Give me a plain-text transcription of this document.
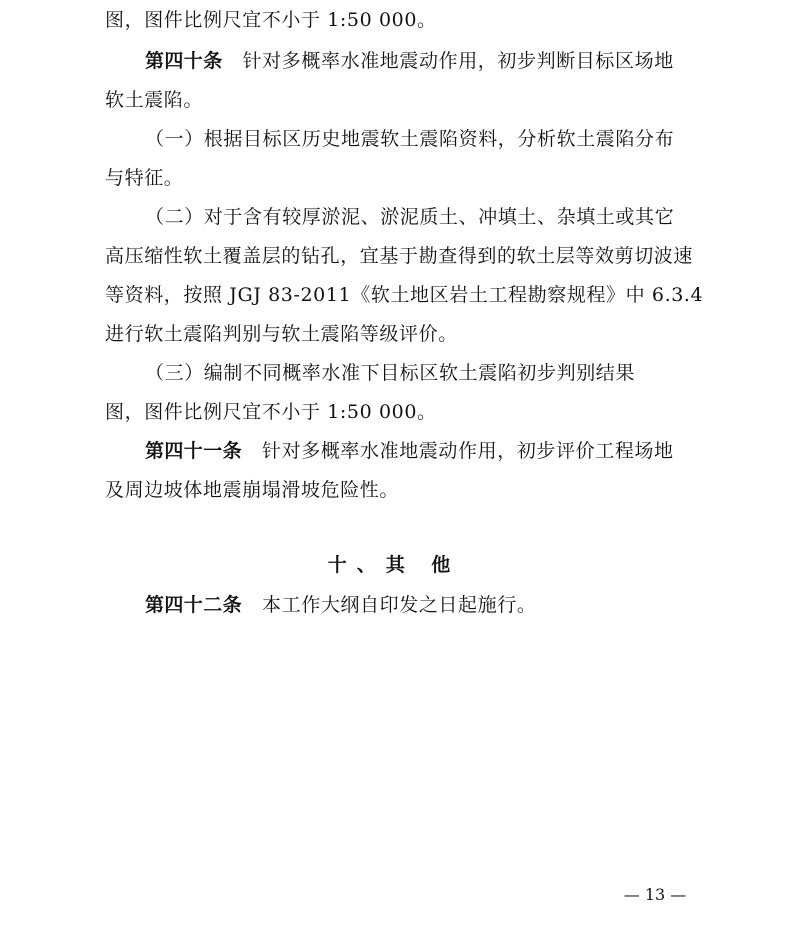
图，图件比例尺宜不小于 1:50 000。
第四十条 针对多概率水准地震动作用，初步判断目标区场地
软土震陷。
（一）根据目标区历史地震软土震陷资料，分析软土震陷分布
与特征。
（二）对于含有较厚淤泥、淤泥质土、冲填土、杂填土或其它
高压缩性软土覆盖层的钻孔，宜基于勘查得到的软土层等效剪切波速
等资料，按照 JGJ 83-2011《软土地区岩土工程勘察规程》中 6.3.4
进行软土震陷判别与软土震陷等级评价。
（三）编制不同概率水准下目标区软土震陷初步判别结果
图，图件比例尺宜不小于 1:50 000。
第四十一条 针对多概率水准地震动作用，初步评价工程场地
及周边坡体地震崩塌滑坡危险性。
十、其 他
第四十二条 本工作大纲自印发之日起施行。
— 13 —
